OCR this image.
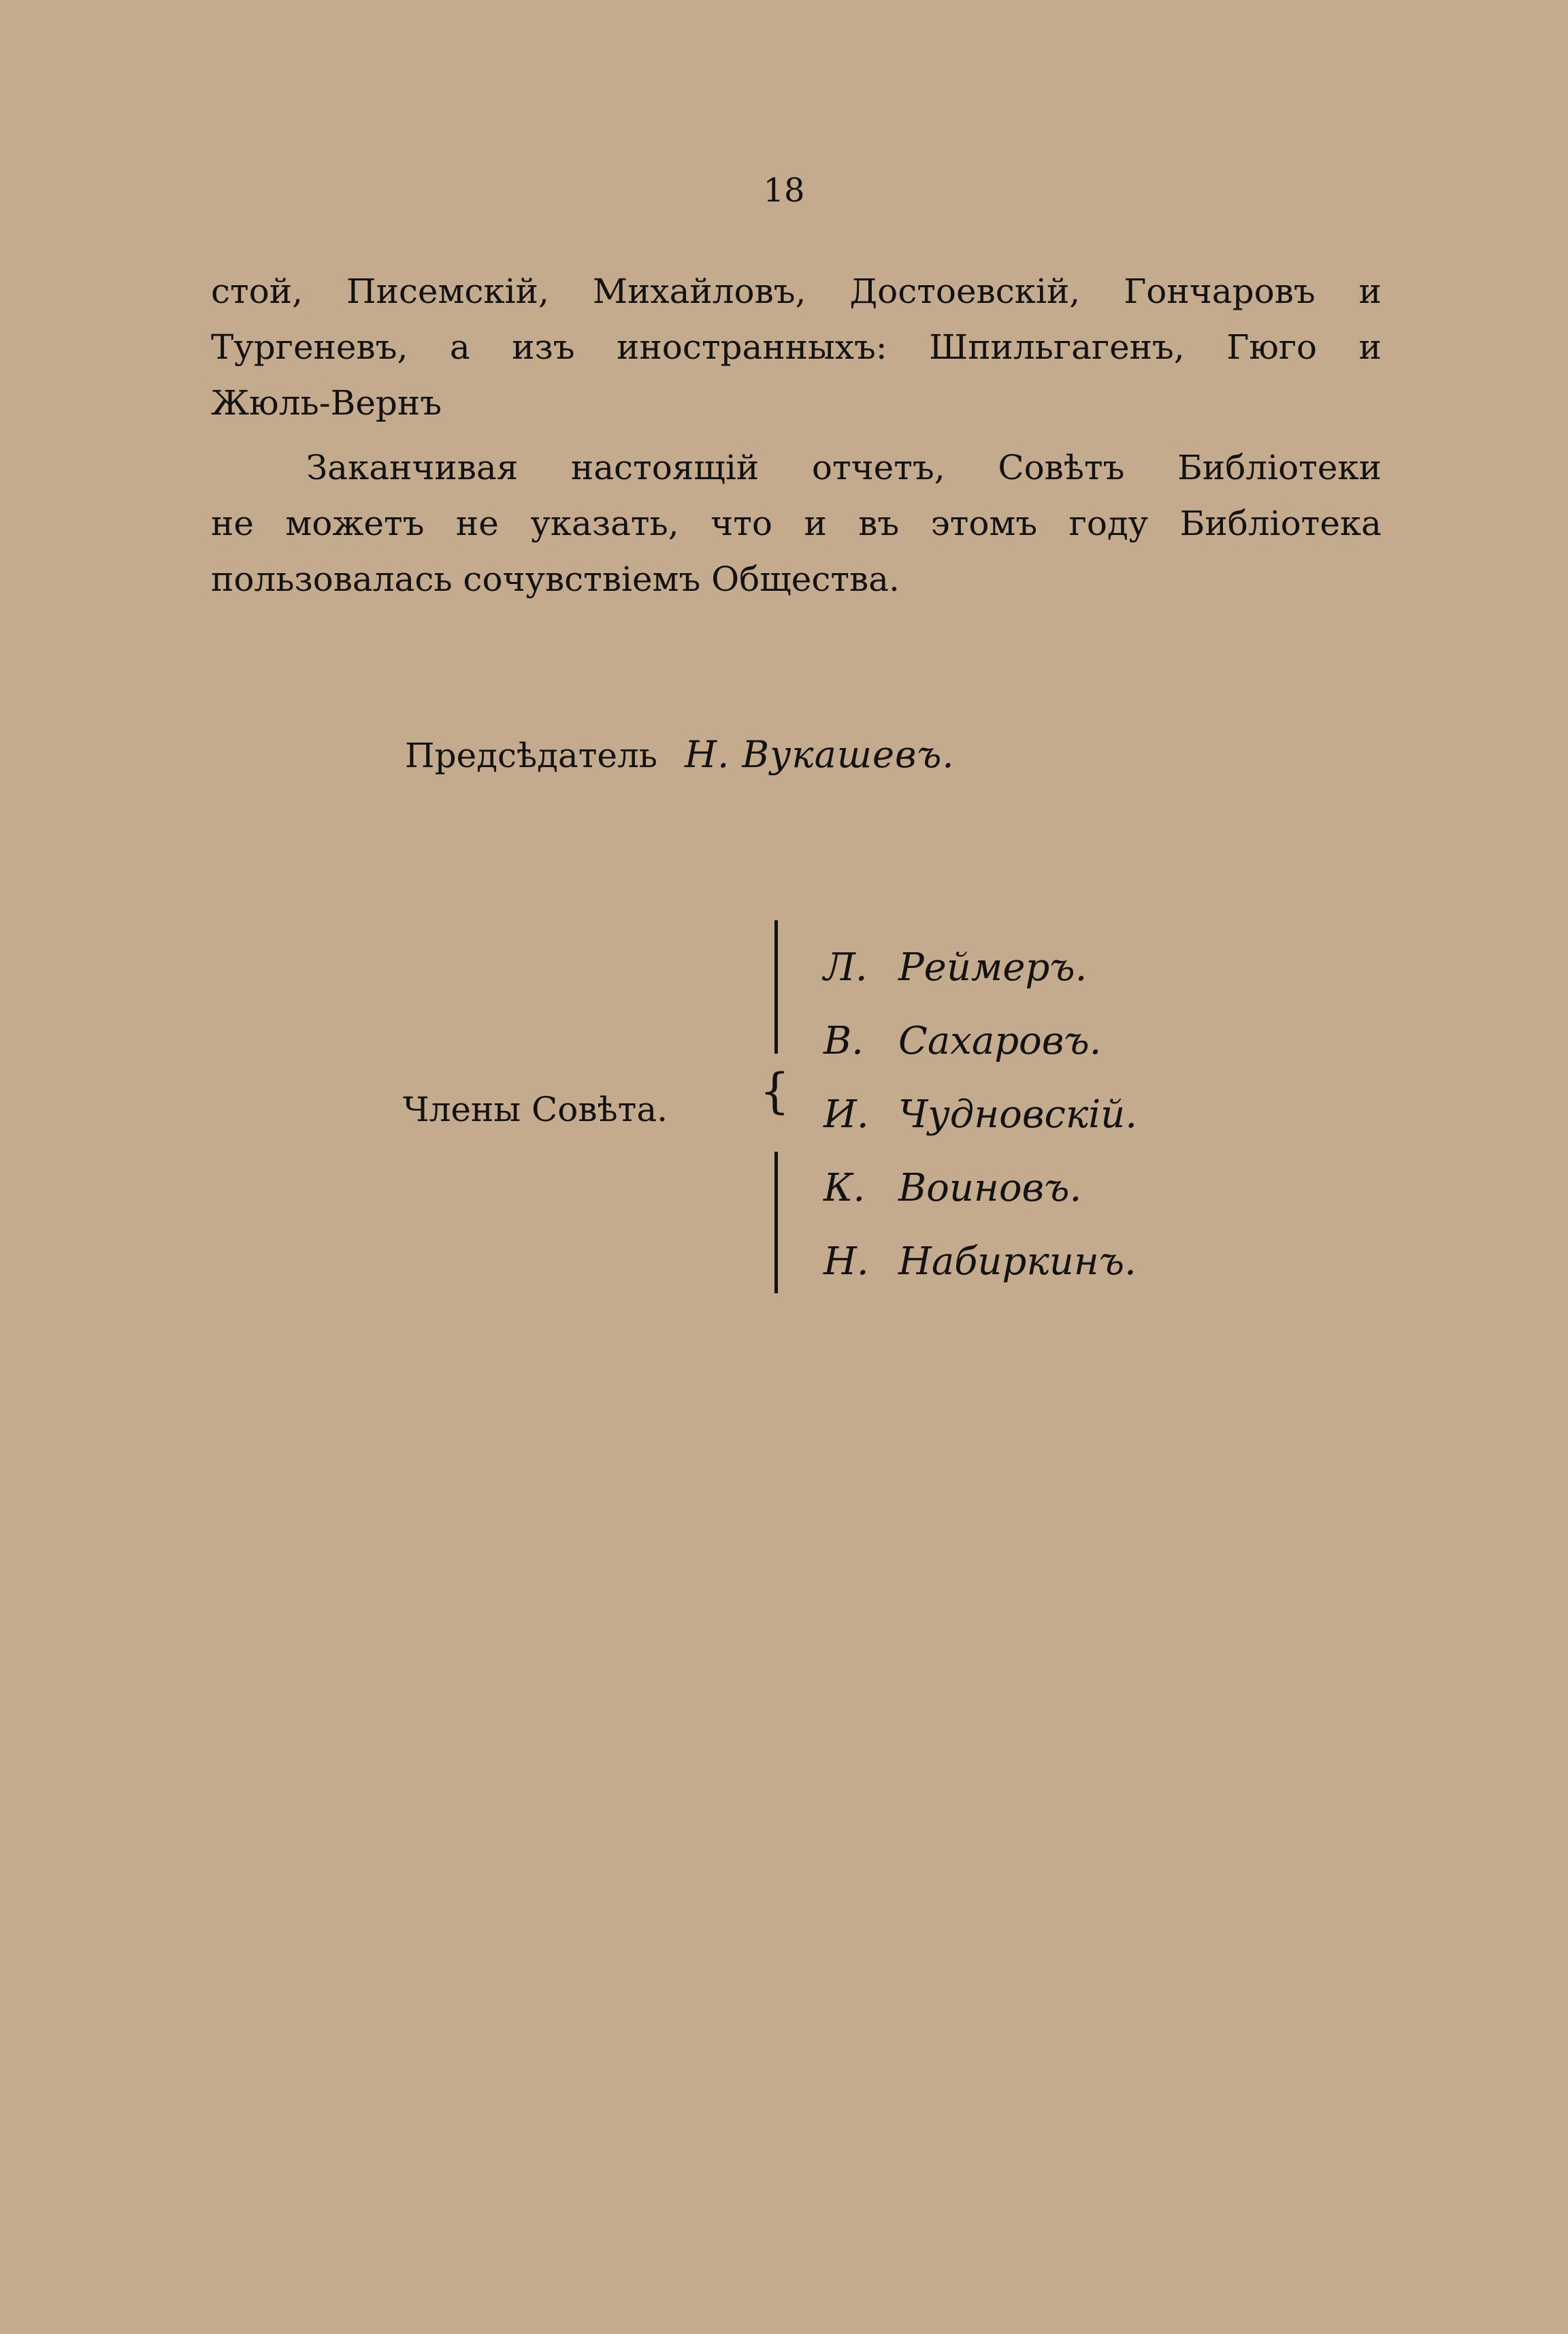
18
стой, Писемскій, Михайловъ, Достоевскій, Гончаровъ и
Тургеневъ, а изъ иностранныхъ: Шпильгагенъ, Гюго и
Жюль-Вернъ
Заканчивая настоящій отчетъ, Совѣтъ Библіотеки
не можетъ не указать, что и въ этомъ году Библіотека
пользовалась сочувствіемъ Общества.
Предсѣдатель Н. Вукашевъ.
Члены Совѣта. {
Л. Реймеръ.
В. Сахаровъ.
И. Чудновскій.
К. Воиновъ.
Н. Набиркинъ.
